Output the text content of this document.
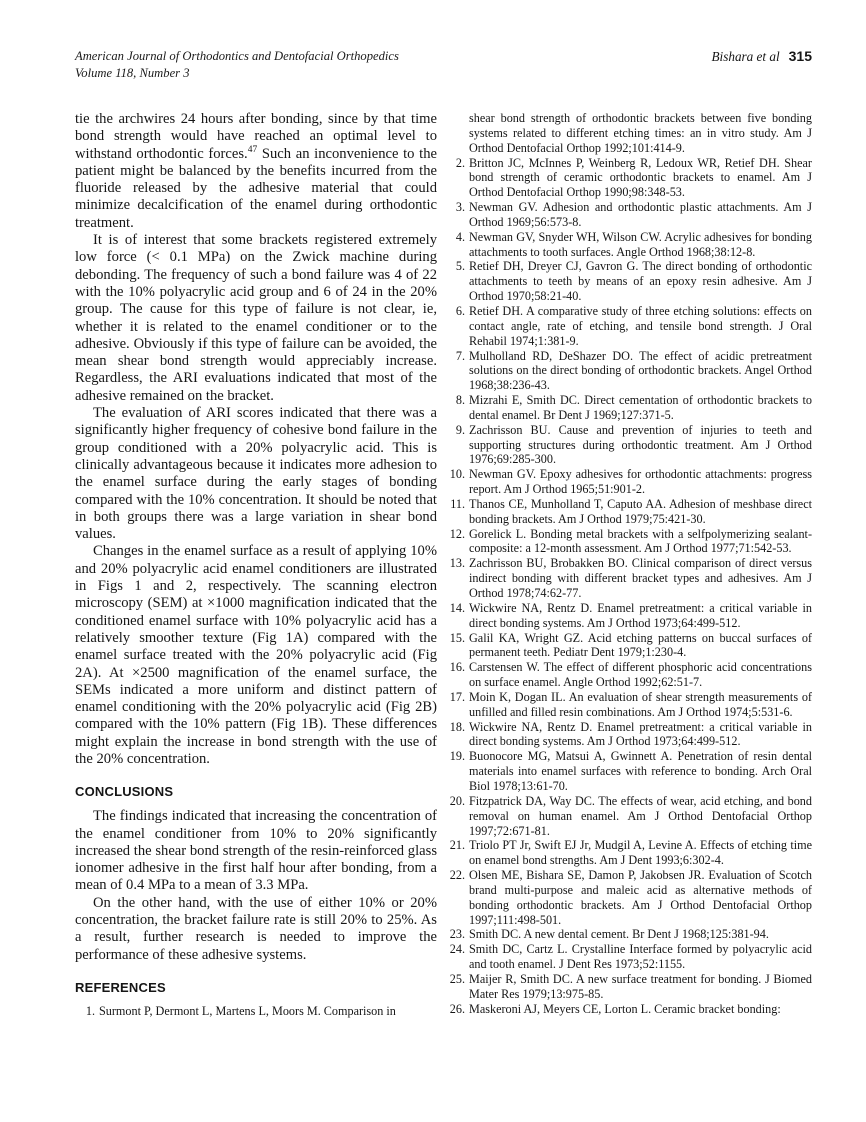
American Journal of Orthodontics and Dentofacial Orthopedics
Volume 118, Number 3
Bishara et al 315

tie the archwires 24 hours after bonding, since by that time bond strength would have reached an optimal level to withstand orthodontic forces.$^{47}$ Such an inconvenience to the patient might be balanced by the benefits incurred from the fluoride released by the adhesive material that could minimize decalcification of the enamel during orthodontic treatment.

It is of interest that some brackets registered extremely low force (< 0.1 MPa) on the Zwick machine during debonding. The frequency of such a bond failure was 4 of 22 with the 10% polyacrylic acid group and 6 of 24 in the 20% group. The cause for this type of failure is not clear, ie, whether it is related to the enamel conditioner or to the adhesive. Obviously if this type of failure can be avoided, the mean shear bond strength would appreciably increase. Regardless, the ARI evaluations indicated that most of the adhesive remained on the bracket.

The evaluation of ARI scores indicated that there was a significantly higher frequency of cohesive bond failure in the group conditioned with a 20% polyacrylic acid. This is clinically advantageous because it indicates more adhesion to the enamel surface during the early stages of bonding compared with the 10% concentration. It should be noted that in both groups there was a large variation in shear bond values.

Changes in the enamel surface as a result of applying 10% and 20% polyacrylic acid enamel conditioners are illustrated in Figs 1 and 2, respectively. The scanning electron microscopy (SEM) at ×1000 magnification indicated that the conditioned enamel surface with 10% polyacrylic acid has a relatively smoother texture (Fig 1A) compared with the enamel surface treated with the 20% polyacrylic acid (Fig 2A). At ×2500 magnification of the enamel surface, the SEMs indicated a more uniform and distinct pattern of enamel conditioning with the 20% polyacrylic acid (Fig 2B) compared with the 10% pattern (Fig 1B). These differences might explain the increase in bond strength with the use of the 20% concentration.

CONCLUSIONS

The findings indicated that increasing the concentration of the enamel conditioner from 10% to 20% significantly increased the shear bond strength of the resin-reinforced glass ionomer adhesive in the first half hour after bonding, from a mean of 0.4 MPa to a mean of 3.3 MPa.

On the other hand, with the use of either 10% or 20% concentration, the bracket failure rate is still 20% to 25%. As a result, further research is needed to improve the performance of these adhesive systems.

REFERENCES
1. Surmont P, Dermont L, Martens L, Moors M. Comparison in

shear bond strength of orthodontic brackets between five bonding systems related to different etching times: an in vitro study. Am J Orthod Dentofacial Orthop 1992;101:414-9.

2. Britton JC, McInnes P, Weinberg R, Ledoux WR, Retief DH. Shear bond strength of ceramic orthodontic brackets to enamel. Am J Orthod Dentofacial Orthop 1990;98:348-53.
3. Newman GV. Adhesion and orthodontic plastic attachments. Am J Orthod 1969;56:573-8.
4. Newman GV, Snyder WH, Wilson CW. Acrylic adhesives for bonding attachments to tooth surfaces. Angle Orthod 1968;38:12-8.
5. Retief DH, Dreyer CJ, Gavron G. The direct bonding of orthodontic attachments to teeth by means of an epoxy resin adhesive. Am J Orthod 1970;58:21-40.
6. Retief DH. A comparative study of three etching solutions: effects on contact angle, rate of etching, and tensile bond strength. J Oral Rehabil 1974;1:381-9.
7. Mulholland RD, DeShazer DO. The effect of acidic pretreatment solutions on the direct bonding of orthodontic brackets. Angel Orthod 1968;38:236-43.
8. Mizrahi E, Smith DC. Direct cementation of orthodontic brackets to dental enamel. Br Dent J 1969;127:371-5.
9. Zachrisson BU. Cause and prevention of injuries to teeth and supporting structures during orthodontic treatment. Am J Orthod 1976;69:285-300.
10. Newman GV. Epoxy adhesives for orthodontic attachments: progress report. Am J Orthod 1965;51:901-2.
11. Thanos CE, Munholland T, Caputo AA. Adhesion of meshbase direct bonding brackets. Am J Orthod 1979;75:421-30.
12. Gorelick L. Bonding metal brackets with a selfpolymerizing sealant-composite: a 12-month assessment. Am J Orthod 1977;71:542-53.
13. Zachrisson BU, Brobakken BO. Clinical comparison of direct versus indirect bonding with different bracket types and adhesives. Am J Orthod 1978;74:62-77.
14. Wickwire NA, Rentz D. Enamel pretreatment: a critical variable in direct bonding systems. Am J Orthod 1973;64:499-512.
15. Galil KA, Wright GZ. Acid etching patterns on buccal surfaces of permanent teeth. Pediatr Dent 1979;1:230-4.
16. Carstensen W. The effect of different phosphoric acid concentrations on surface enamel. Angle Orthod 1992;62:51-7.
17. Moin K, Dogan IL. An evaluation of shear strength measurements of unfilled and filled resin combinations. Am J Orthod 1974;5:531-6.
18. Wickwire NA, Rentz D. Enamel pretreatment: a critical variable in direct bonding systems. Am J Orthod 1973;64:499-512.
19. Buonocore MG, Matsui A, Gwinnett A. Penetration of resin dental materials into enamel surfaces with reference to bonding. Arch Oral Biol 1978;13:61-70.
20. Fitzpatrick DA, Way DC. The effects of wear, acid etching, and bond removal on human enamel. Am J Orthod Dentofacial Orthop 1997;72:671-81.
21. Triolo PT Jr, Swift EJ Jr, Mudgil A, Levine A. Effects of etching time on enamel bond strengths. Am J Dent 1993;6:302-4.
22. Olsen ME, Bishara SE, Damon P, Jakobsen JR. Evaluation of Scotch brand multi-purpose and maleic acid as alternative methods of bonding orthodontic brackets. Am J Orthod Dentofacial Orthop 1997;111:498-501.
23. Smith DC. A new dental cement. Br Dent J 1968;125:381-94.
24. Smith DC, Cartz L. Crystalline Interface formed by polyacrylic acid and tooth enamel. J Dent Res 1973;52:1155.
25. Maijer R, Smith DC. A new surface treatment for bonding. J Biomed Mater Res 1979;13:975-85.
26. Maskeroni AJ, Meyers CE, Lorton L. Ceramic bracket bonding:
